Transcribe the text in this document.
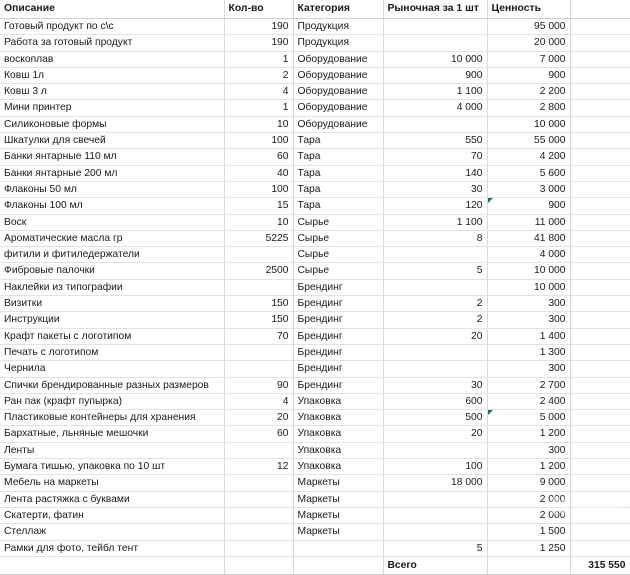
Описание	Кол-во	Категория	Рыночная за 1 шт	Ценность	
Готовый продукт по с\с	190	Продукция		95 000	
Работа за готовый продукт	190	Продукция		20 000	
воскоплав	1	Оборудование	10 000	7 000	
Ковш 1л	2	Оборудование	900	900	
Ковш 3 л	4	Оборудование	1 100	2 200	
Мини принтер	1	Оборудование	4 000	2 800	
Силиконовые формы	10	Оборудование		10 000	
Шкатулки для свечей	100	Тара	550	55 000	
Банки янтарные 110 мл	60	Тара	70	4 200	
Банки янтарные 200 мл	40	Тара	140	5 600	
Флаконы 50 мл	100	Тара	30	3 000	
Флаконы 100 мл	15	Тара	120	900

Воск	10	Сырье	1 100	11 000	
Ароматические масла гр	5225	Сырье	8	41 800	
фитили и фитиледержатели		Сырье		4 000	
Фибровые палочки	2500	Сырье	5	10 000	
Наклейки из типографии		Брендинг		10 000	
Визитки	150	Брендинг	2	300	
Инструкции	150	Брендинг	2	300	
Крафт пакеты с логотипом	70	Брендинг	20	1 400	
Печать с логотипом		Брендинг		1 300	
Чернила		Брендинг		300	
Спички брендированные разных размеров	90	Брендинг	30	2 700	
Ран пак (крафт пупырка)	4	Упаковка	600	2 400	
Пластиковые контейнеры для хранения	20	Упаковка	500	5 000

Бархатные, льняные мешочки	60	Упаковка	20	1 200	
Ленты		Упаковка		300	
Бумага тишью, упаковка по 10 шт	12	Упаковка	100	1 200	
Мебель на маркеты		Маркеты	18 000	9 000	
Лента растяжка с буквами		Маркеты		2 000	
Скатерти, фатин		Маркеты		2 000	
Стеллаж		Маркеты		1 500	
Рамки для фото, тейбл тент			5	1 250	
			Всего		315 550
Avito
